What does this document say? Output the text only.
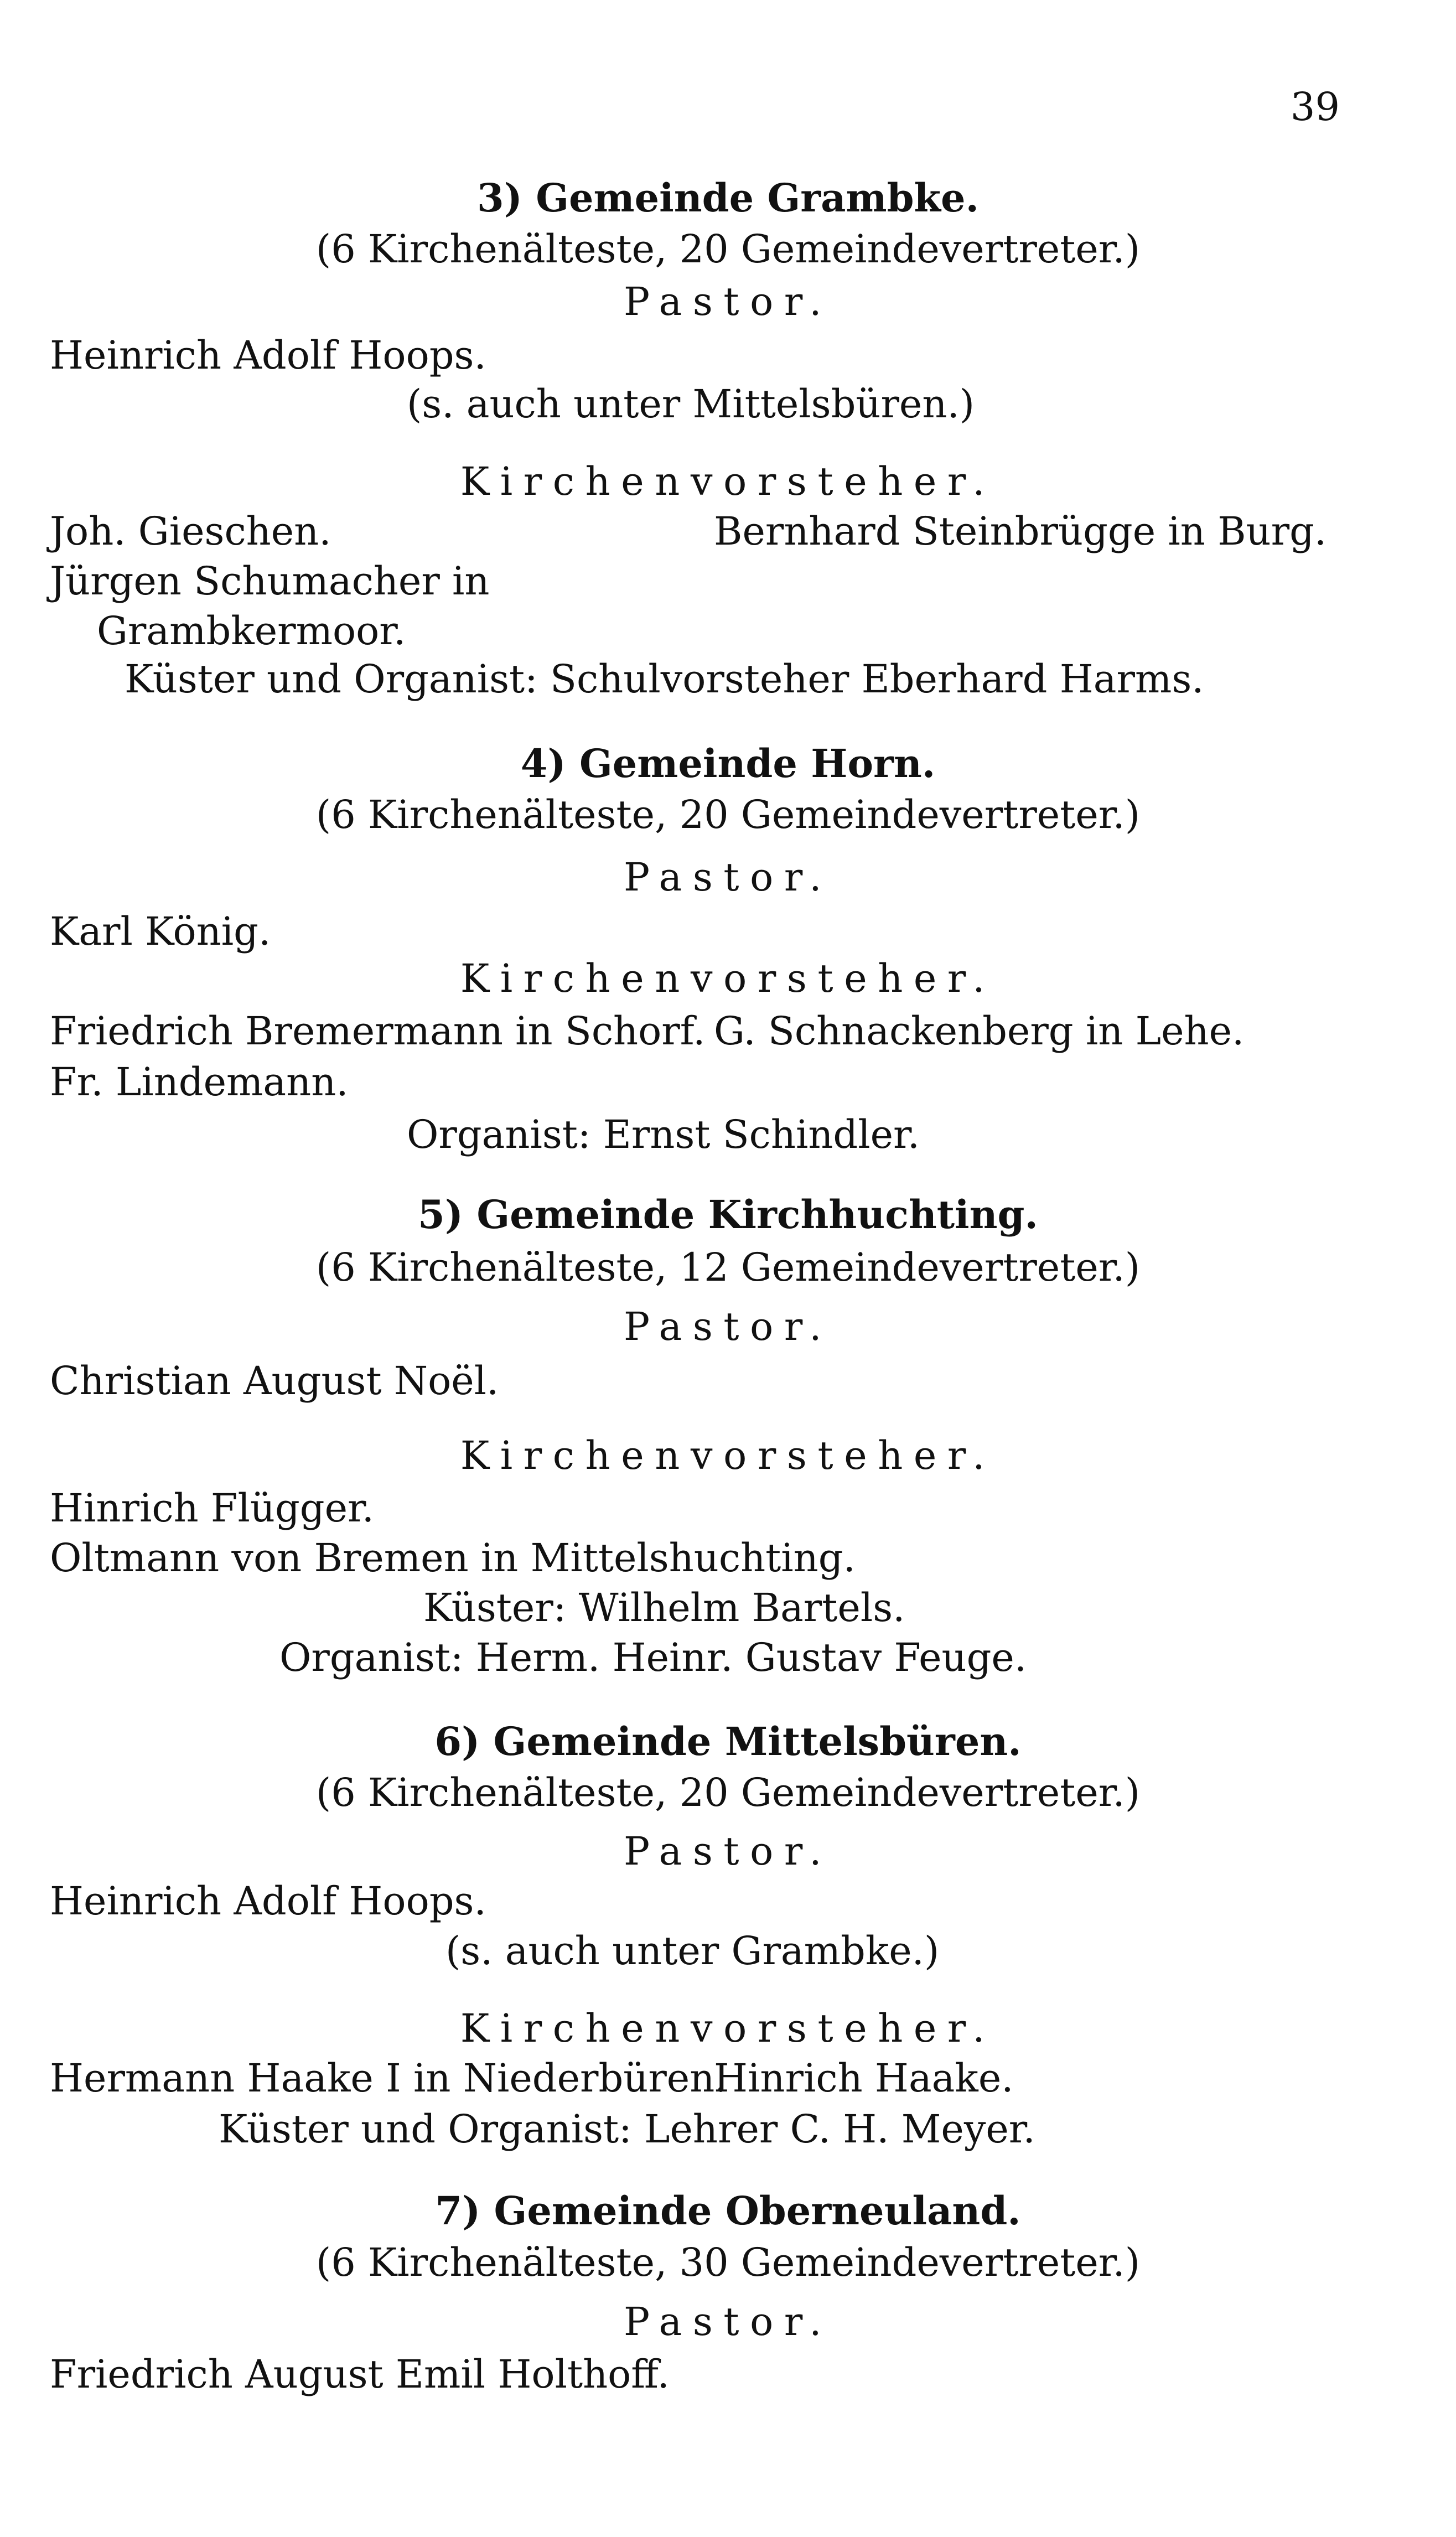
39
3) Gemeinde Grambke.
(6 Kirchenälteste, 20 Gemeindevertreter.)
Pastor.
Heinrich Adolf Hoops.
(s. auch unter Mittelsbüren.)
Kirchenvorsteher.
Joh. Gieschen.	Bernhard Steinbrügge in Burg.
Jürgen Schumacher in
Grambkermoor.
Küster und Organist: Schulvorsteher Eberhard Harms.
4) Gemeinde Horn.
(6 Kirchenälteste, 20 Gemeindevertreter.)
Pastor.
Karl König.
Kirchenvorsteher.
Friedrich Bremermann in Schorf. G. Schnackenberg in Lehe.
Fr. Lindemann.
Organist: Ernst Schindler.
5) Gemeinde Kirchhuchting.
(6 Kirchenälteste, 12 Gemeindevertreter.)
Pastor.
Christian August Noël.
Kirchenvorsteher.
Hinrich Flügger.
Oltmann von Bremen in Mittelshuchting.
Küster: Wilhelm Bartels.
Organist: Herm. Heinr. Gustav Feuge.
6) Gemeinde Mittelsbüren.
(6 Kirchenälteste, 20 Gemeindevertreter.)
Pastor.
Heinrich Adolf Hoops.
(s. auch unter Grambke.)
Kirchenvorsteher.
Hermann Haake I in Niederbüren.
Hinrich Haake.
Küster und Organist: Lehrer C. H. Meyer.
7) Gemeinde Oberneuland.
(6 Kirchenälteste, 30 Gemeindevertreter.)
Pastor.
Friedrich August Emil Holthoff.
